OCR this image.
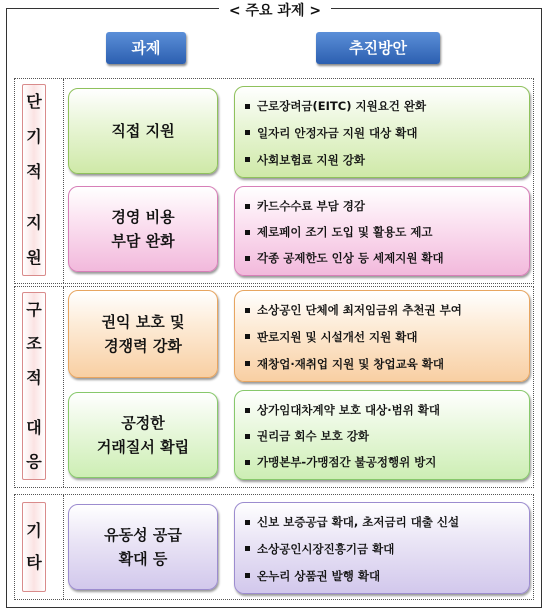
< 주요 과제 >
과제	추진방안
단
기
적
지
원
직접 지원
근로장려금(EITC) 지원요건 완화
일자리 안정자금 지원 대상 확대
사회보험료 지원 강화
경영 비용
부담 완화
카드수수료 부담 경감
제로페이 조기 도입 및 활용도 제고
각종 공제한도 인상 등 세제지원 확대
구
조
적
대
응
권익 보호 및
경쟁력 강화
소상공인 단체에 최저임금위 추천권 부여
판로지원 및 시설개선 지원 확대
재창업·재취업 지원 및 창업교육 확대
공정한
거래질서 확립
상가임대차계약 보호 대상·범위 확대
권리금 회수 보호 강화
가맹본부-가맹점간 불공정행위 방지
기
타
유동성 공급
확대 등
신보 보증공급 확대, 초저금리 대출 신설
소상공인시장진흥기금 확대
온누리 상품권 발행 확대
